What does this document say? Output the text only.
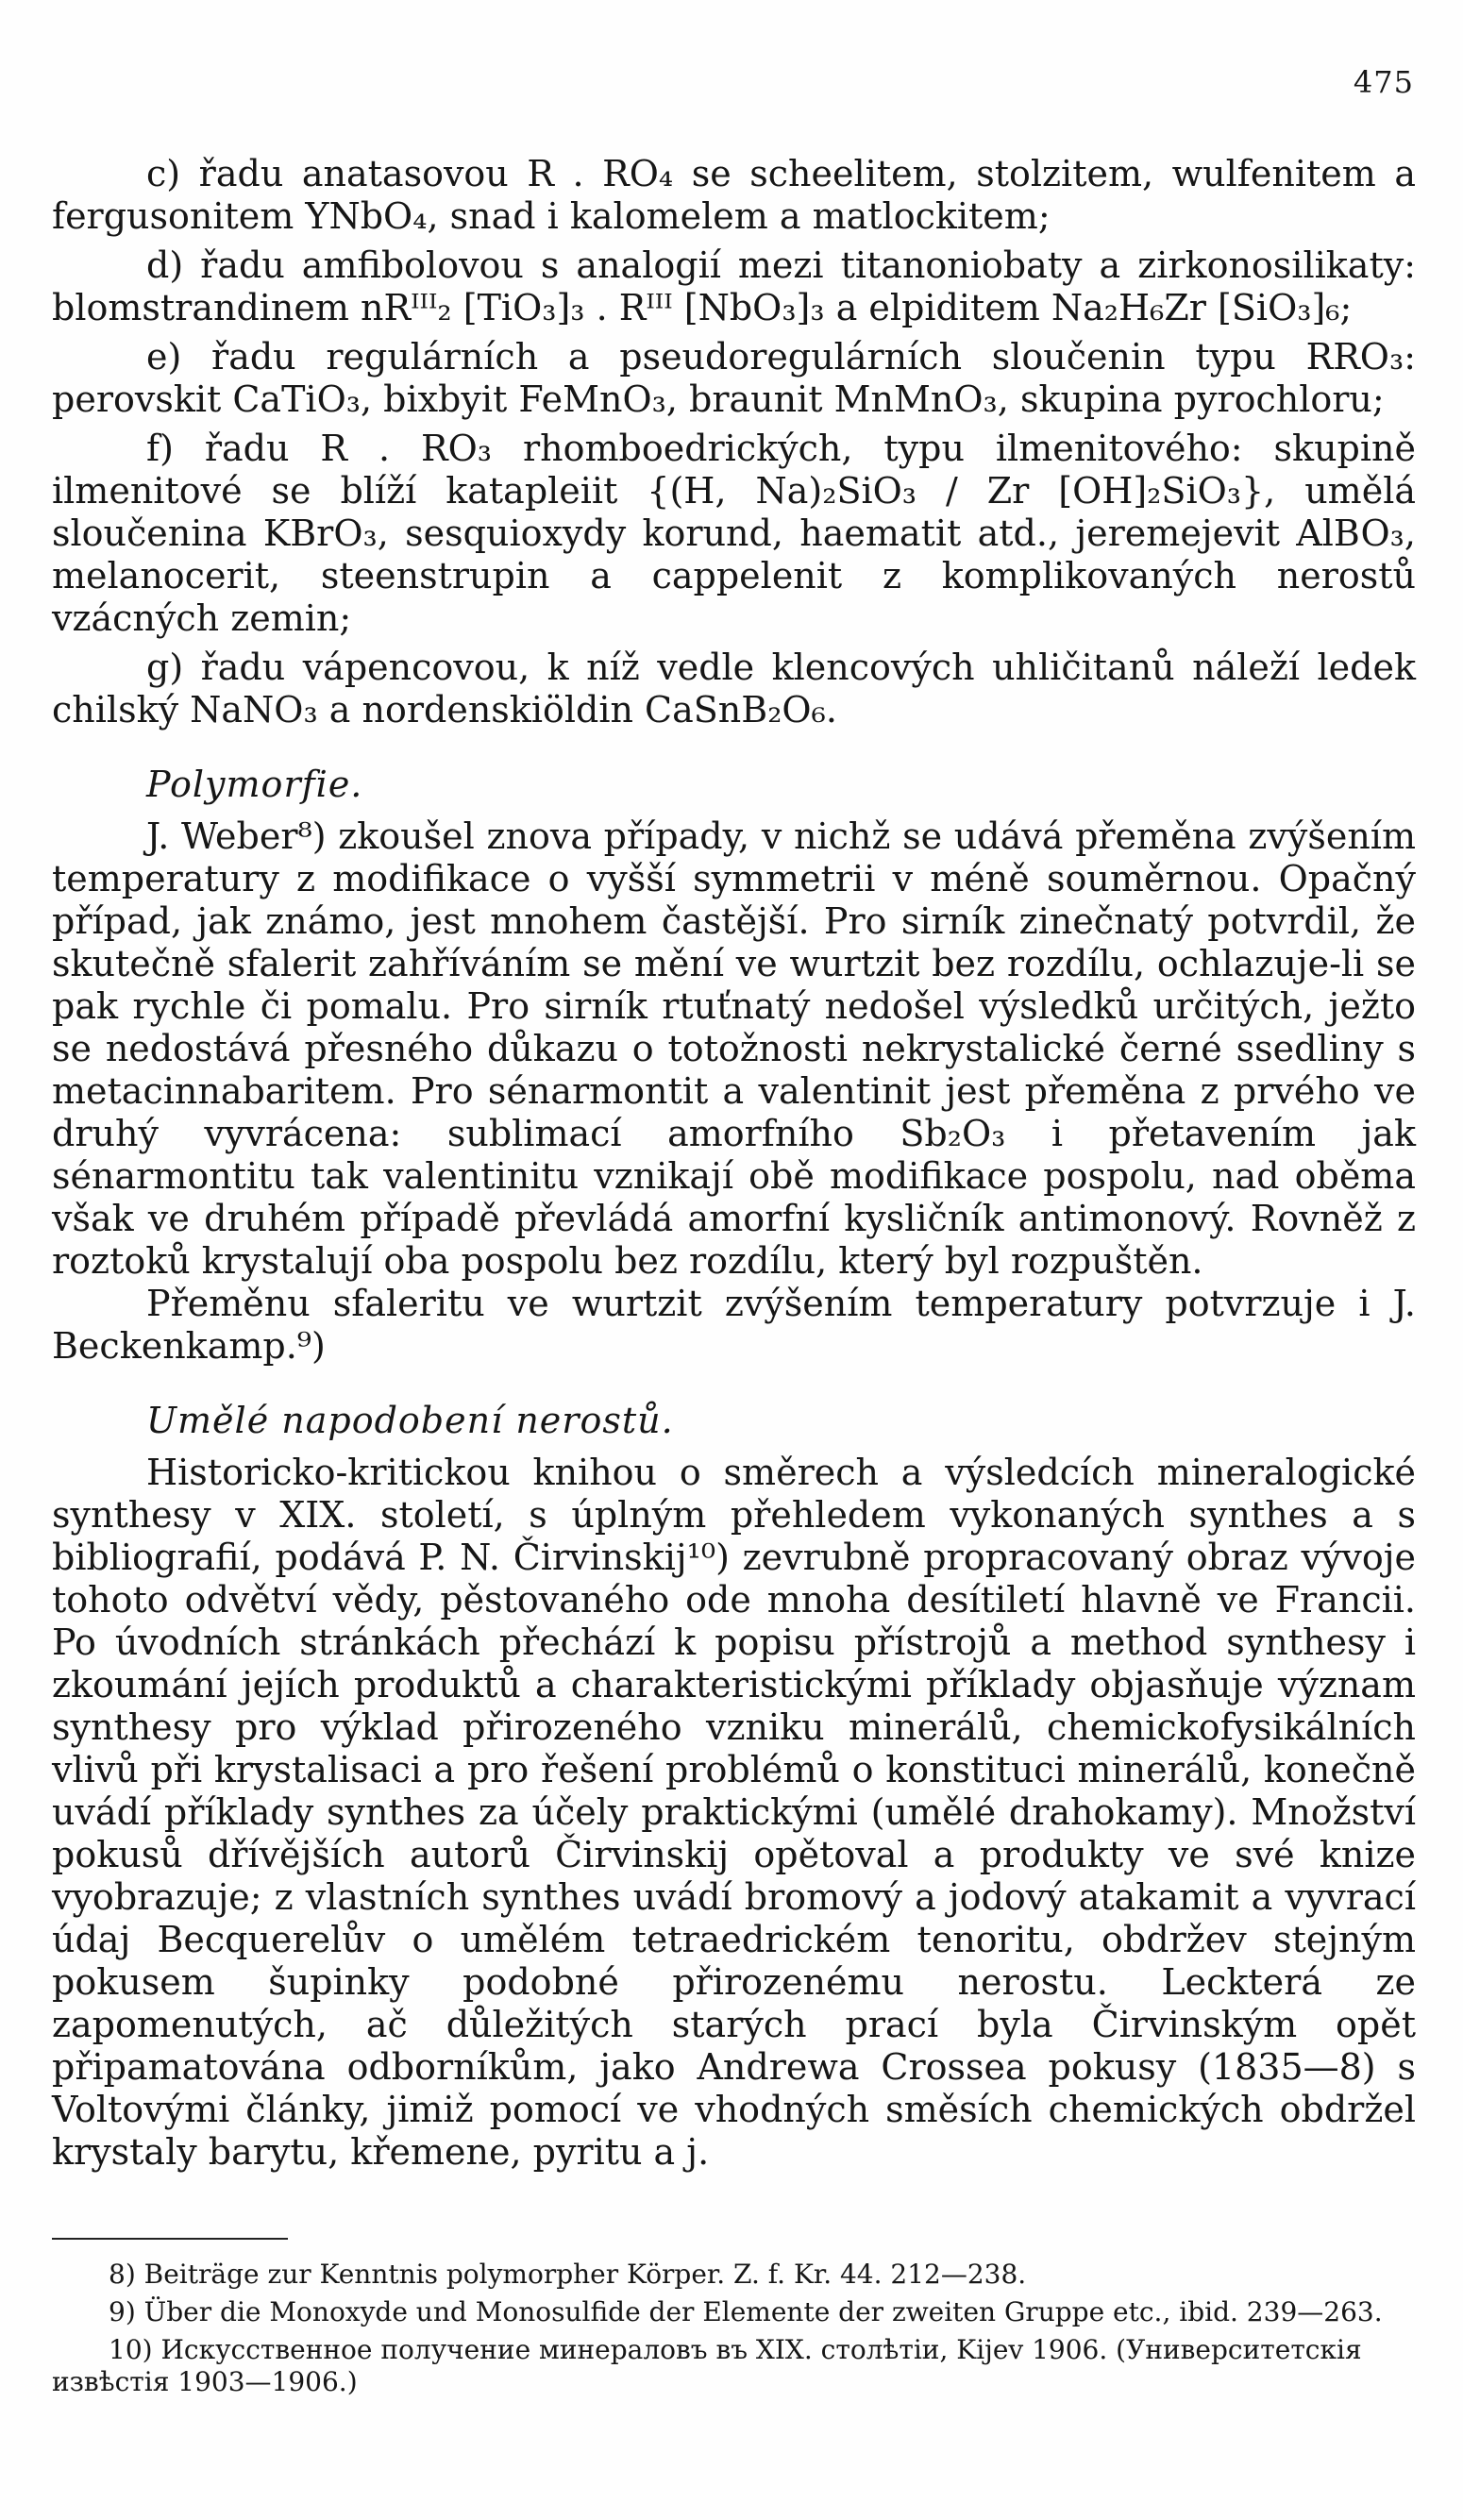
475

c) řadu anatasovou R . RO₄ se scheelitem, stolzitem, wulfenitem a fergusonitem YNbO₄, snad i kalomelem a matlockitem;

d) řadu amfibolovou s analogií mezi titanoniobaty a zirkonosilikaty: blomstrandinem nRᴵᴵᴵ₂ [TiO₃]₃ . Rᴵᴵᴵ [NbO₃]₃ a elpiditem Na₂H₆Zr [SiO₃]₆;

e) řadu regulárních a pseudoregulárních sloučenin typu RRO₃: perovskit CaTiO₃, bixbyit FeMnO₃, braunit MnMnO₃, skupina pyrochloru;

f) řadu R . RO₃ rhomboedrických, typu ilmenitového: skupině ilmenitové se blíží katapleiit {(H, Na)₂SiO₃ / Zr [OH]₂SiO₃}, umělá sloučenina KBrO₃, sesquioxydy korund, haematit atd., jeremejevit AlBO₃, melanocerit, steenstrupin a cappelenit z komplikovaných nerostů vzácných zemin;

g) řadu vápencovou, k níž vedle klencových uhličitanů náleží ledek chilský NaNO₃ a nordenskiöldin CaSnB₂O₆.

Polymorfie.

J. Weber⁸) zkoušel znova případy, v nichž se udává přeměna zvýšením temperatury z modifikace o vyšší symmetrii v méně souměrnou. Opačný případ, jak známo, jest mnohem častější. Pro sirník zinečnatý potvrdil, že skutečně sfalerit zahříváním se mění ve wurtzit bez rozdílu, ochlazuje-li se pak rychle či pomalu. Pro sirník rtuťnatý nedošel výsledků určitých, ježto se nedostává přesného důkazu o totožnosti nekrystalické černé ssedliny s metacinnabaritem. Pro sénarmontit a valentinit jest přeměna z prvého ve druhý vyvrácena: sublimací amorfního Sb₂O₃ i přetavením jak sénarmontitu tak valentinitu vznikají obě modifikace pospolu, nad oběma však ve druhém případě převládá amorfní kysličník antimonový. Rovněž z roztoků krystalují oba pospolu bez rozdílu, který byl rozpuštěn.

Přeměnu sfaleritu ve wurtzit zvýšením temperatury potvrzuje i J. Beckenkamp.⁹)

Umělé napodobení nerostů.

Historicko-kritickou knihou o směrech a výsledcích mineralogické synthesy v XIX. století, s úplným přehledem vykonaných synthes a s bibliografií, podává P. N. Čirvinskij¹⁰) zevrubně propracovaný obraz vývoje tohoto odvětví vědy, pěstovaného ode mnoha desítiletí hlavně ve Francii. Po úvodních stránkách přechází k popisu přístrojů a method synthesy i zkoumání jejích produktů a charakteristickými příklady objasňuje význam synthesy pro výklad přirozeného vzniku minerálů, chemickofysikálních vlivů při krystalisaci a pro řešení problémů o konstituci minerálů, konečně uvádí příklady synthes za účely praktickými (umělé drahokamy). Množství pokusů dřívějších autorů Čirvinskij opětoval a produkty ve své knize vyobrazuje; z vlastních synthes uvádí bromový a jodový atakamit a vyvrací údaj Becquerelův o umělém tetraedrickém tenoritu, obdržev stejným pokusem šupinky podobné přirozenému nerostu. Leckterá ze zapomenutých, ač důležitých starých prací byla Čirvinským opět připamatována odborníkům, jako Andrewa Crossea pokusy (1835—8) s Voltovými články, jimiž pomocí ve vhodných směsích chemických obdržel krystaly barytu, křemene, pyritu a j.

8) Beiträge zur Kenntnis polymorpher Körper. Z. f. Kr. 44. 212—238.
9) Über die Monoxyde und Monosulfide der Elemente der zweiten Gruppe etc., ibid. 239—263.
10) Искусственное получение минераловъ въ XIX. столѣтіи, Kijev 1906. (Университетскія извѣстія 1903—1906.)
